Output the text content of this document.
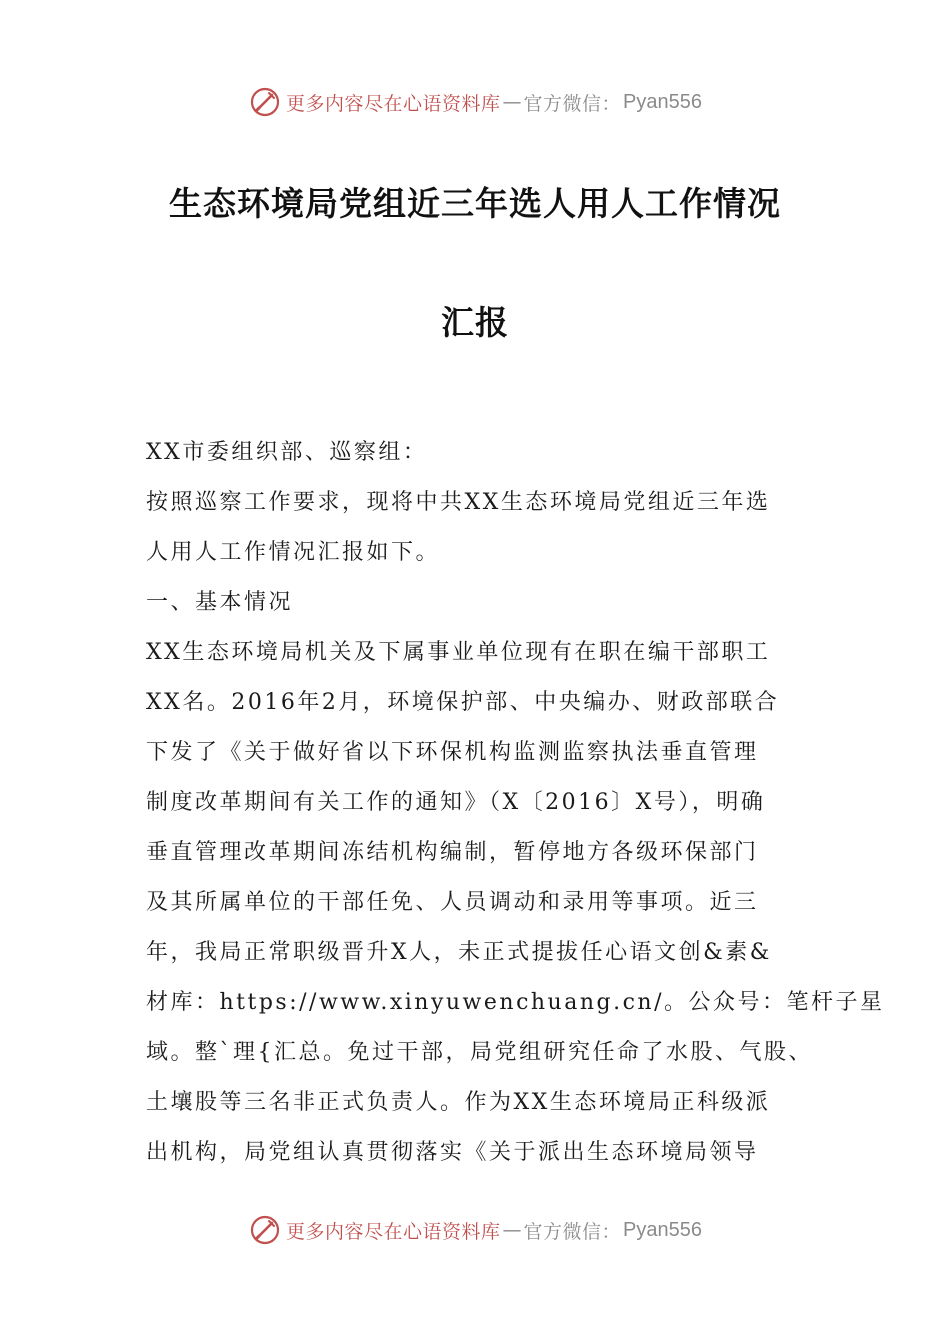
更多内容尽在心语资料库 — 官方微信： Pyan556
生态环境局党组近三年选人用人工作情况
汇报
XX市委组织部、巡察组：
按照巡察工作要求，现将中共XX生态环境局党组近三年选
人用人工作情况汇报如下。
一、基本情况
XX生态环境局机关及下属事业单位现有在职在编干部职工
XX名。2016年2月，环境保护部、中央编办、财政部联合
下发了《关于做好省以下环保机构监测监察执法垂直管理
制度改革期间有关工作的通知》（X〔2016〕X号），明确
垂直管理改革期间冻结机构编制，暂停地方各级环保部门
及其所属单位的干部任免、人员调动和录用等事项。近三
年，我局正常职级晋升X人，未正式提拔任心语文创&素&
材库：https://www.xinyuwenchuang.cn/。公众号：笔杆子星
域。整`理{汇总。免过干部，局党组研究任命了水股、气股、
土壤股等三名非正式负责人。作为XX生态环境局正科级派
出机构，局党组认真贯彻落实《关于派出生态环境局领导
更多内容尽在心语资料库 — 官方微信： Pyan556
